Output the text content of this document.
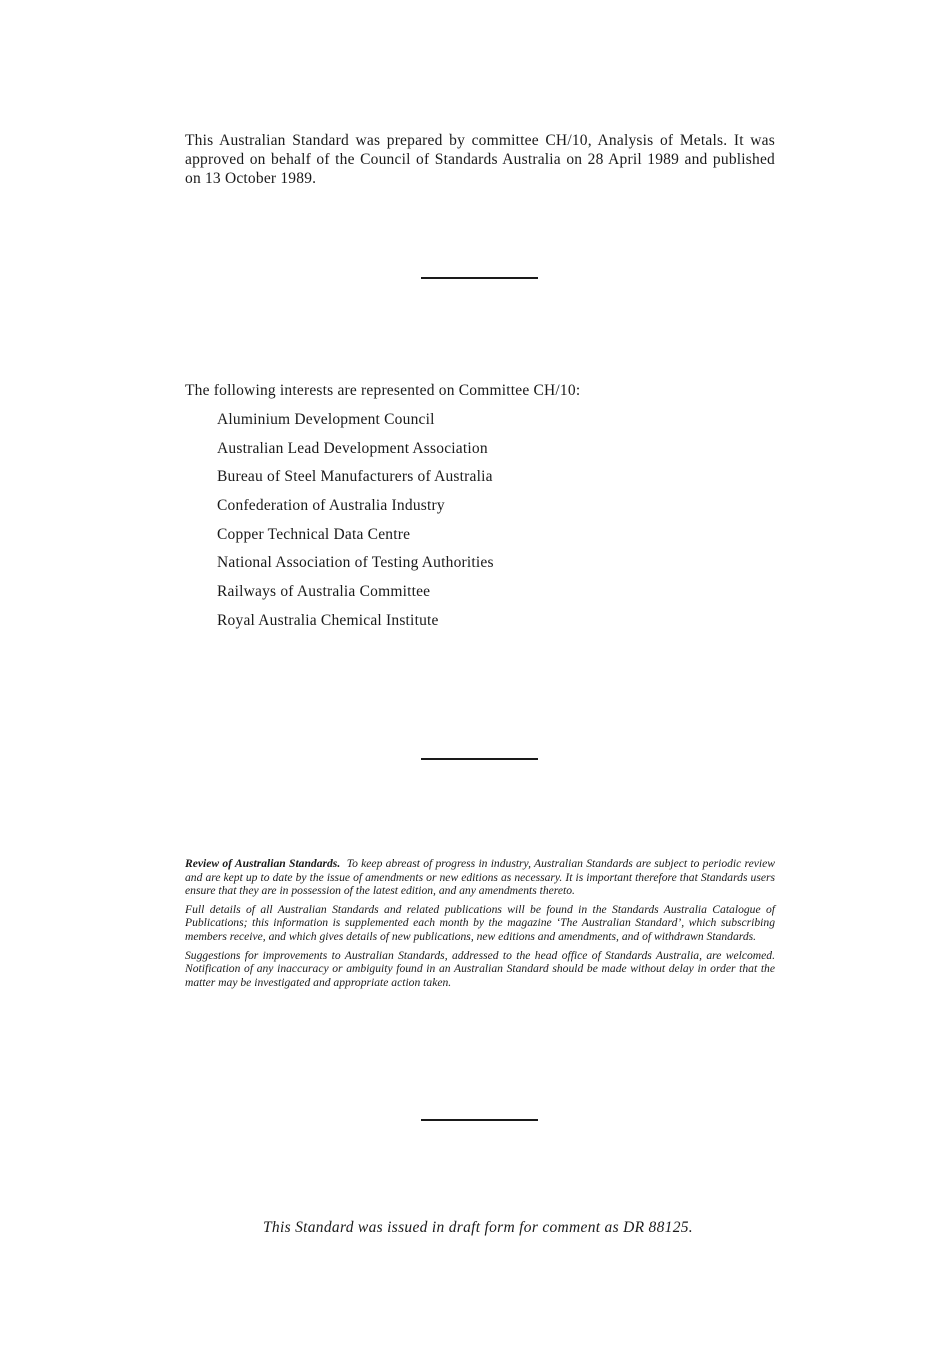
This Australian Standard was prepared by committee CH/10, Analysis of Metals. It was approved on behalf of the Council of Standards Australia on 28 April 1989 and published on 13 October 1989.

The following interests are represented on Committee CH/10:

Aluminium Development Council
Australian Lead Development Association
Bureau of Steel Manufacturers of Australia
Confederation of Australia Industry
Copper Technical Data Centre
National Association of Testing Authorities
Railways of Australia Committee
Royal Australia Chemical Institute

Review of Australian Standards. To keep abreast of progress in industry, Australian Standards are subject to periodic review and are kept up to date by the issue of amendments or new editions as necessary. It is important therefore that Standards users ensure that they are in possession of the latest edition, and any amendments thereto.

Full details of all Australian Standards and related publications will be found in the Standards Australia Catalogue of Publications; this information is supplemented each month by the magazine ‘The Australian Standard’, which subscribing members receive, and which gives details of new publications, new editions and amendments, and of withdrawn Standards.

Suggestions for improvements to Australian Standards, addressed to the head office of Standards Australia, are welcomed. Notification of any inaccuracy or ambiguity found in an Australian Standard should be made without delay in order that the matter may be investigated and appropriate action taken.

This Standard was issued in draft form for comment as DR 88125.
